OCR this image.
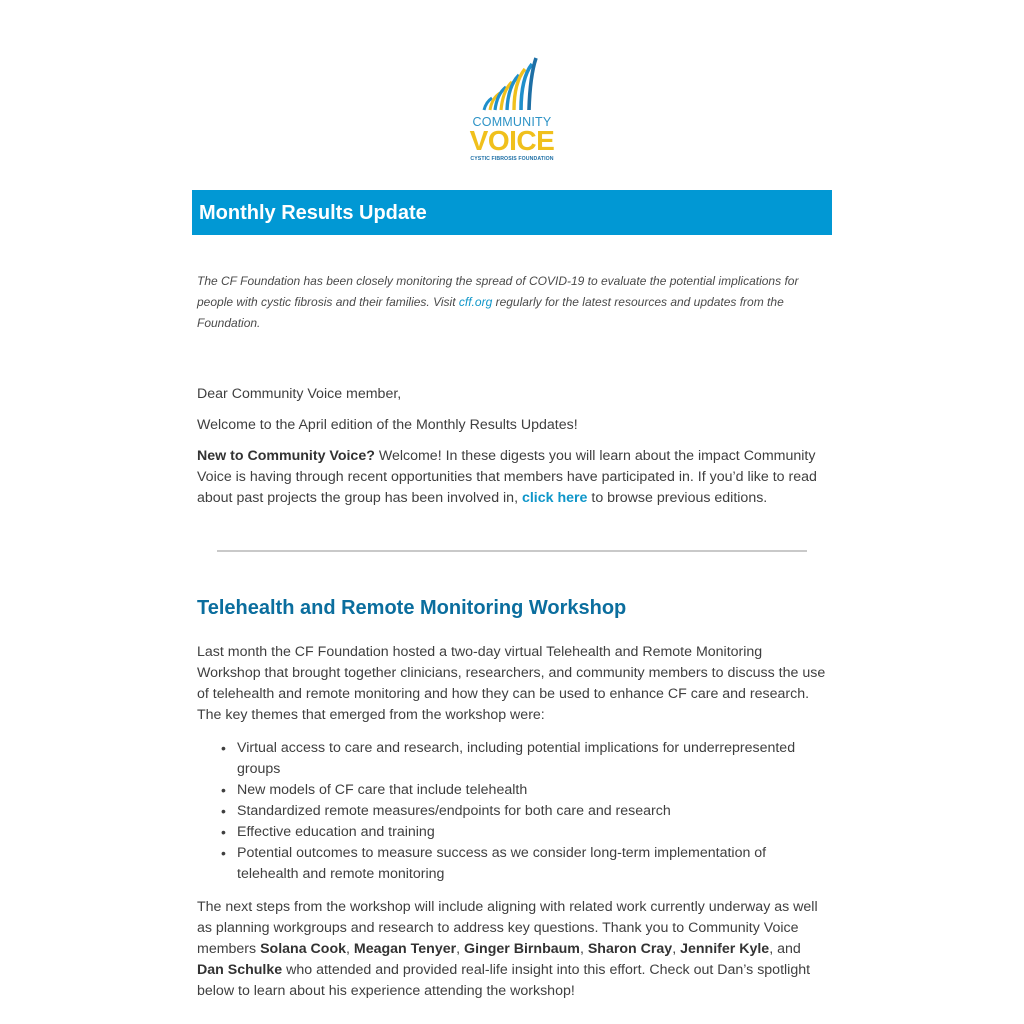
COMMUNITY
VOICE
CYSTIC FIBROSIS FOUNDATION
Monthly Results Update

The CF Foundation has been closely monitoring the spread of COVID-19 to evaluate the potential implications for people with cystic fibrosis and their families. Visit cff.org regularly for the latest resources and updates from the Foundation.

Dear Community Voice member,

Welcome to the April edition of the Monthly Results Updates!

New to Community Voice? Welcome! In these digests you will learn about the impact Community Voice is having through recent opportunities that members have participated in. If you’d like to read about past projects the group has been involved in, click here to browse previous editions.

Telehealth and Remote Monitoring Workshop

Last month the CF Foundation hosted a two-day virtual Telehealth and Remote Monitoring Workshop that brought together clinicians, researchers, and community members to discuss the use of telehealth and remote monitoring and how they can be used to enhance CF care and research. The key themes that emerged from the workshop were:

• Virtual access to care and research, including potential implications for underrepresented groups
• New models of CF care that include telehealth
• Standardized remote measures/endpoints for both care and research
• Effective education and training
• Potential outcomes to measure success as we consider long-term implementation of telehealth and remote monitoring

The next steps from the workshop will include aligning with related work currently underway as well as planning workgroups and research to address key questions. Thank you to Community Voice members Solana Cook, Meagan Tenyer, Ginger Birnbaum, Sharon Cray, Jennifer Kyle, and Dan Schulke who attended and provided real-life insight into this effort. Check out Dan’s spotlight below to learn about his experience attending the workshop!
